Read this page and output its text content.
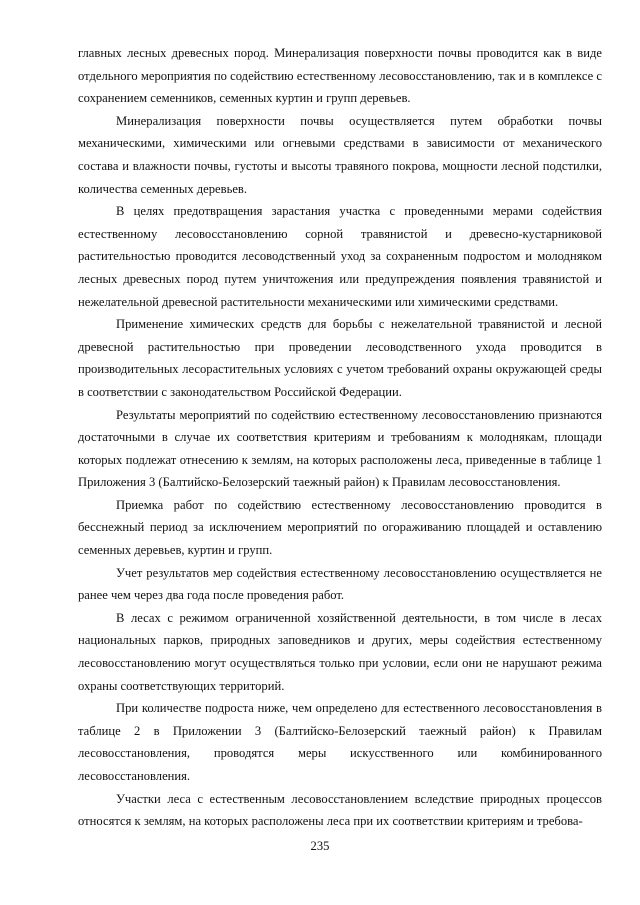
главных лесных древесных пород. Минерализация поверхности почвы проводится как в виде отдельного мероприятия по содействию естественному лесовосстановлению, так и в комплексе с сохранением семенников, семенных куртин и групп деревьев.

Минерализация поверхности почвы осуществляется путем обработки почвы механическими, химическими или огневыми средствами в зависимости от механического состава и влажности почвы, густоты и высоты травяного покрова, мощности лесной подстилки, количества семенных деревьев.

В целях предотвращения зарастания участка с проведенными мерами содействия естественному лесовосстановлению сорной травянистой и древесно-кустарниковой растительностью проводится лесоводственный уход за сохраненным подростом и молодняком лесных древесных пород путем уничтожения или предупреждения появления травянистой и нежелательной древесной растительности механическими или химическими средствами.

Применение химических средств для борьбы с нежелательной травянистой и лесной древесной растительностью при проведении лесоводственного ухода проводится в производительных лесорастительных условиях с учетом требований охраны окружающей среды в соответствии с законодательством Российской Федерации.

Результаты мероприятий по содействию естественному лесовосстановлению признаются достаточными в случае их соответствия критериям и требованиям к молоднякам, площади которых подлежат отнесению к землям, на которых расположены леса, приведенные в таблице 1 Приложения 3 (Балтийско-Белозерский таежный район) к Правилам лесовосстановления.

Приемка работ по содействию естественному лесовосстановлению проводится в бесснежный период за исключением мероприятий по огораживанию площадей и оставлению семенных деревьев, куртин и групп.

Учет результатов мер содействия естественному лесовосстановлению осуществляется не ранее чем через два года после проведения работ.

В лесах с режимом ограниченной хозяйственной деятельности, в том числе в лесах национальных парков, природных заповедников и других, меры содействия естественному лесовосстановлению могут осуществляться только при условии, если они не нарушают режима охраны соответствующих территорий.

При количестве подроста ниже, чем определено для естественного лесовосстановления в таблице 2 в Приложении 3 (Балтийско-Белозерский таежный район) к Правилам лесовосстановления, проводятся меры искусственного или комбинированного лесовосстановления.

Участки леса с естественным лесовосстановлением вследствие природных процессов относятся к землям, на которых расположены леса при их соответствии критериям и требова-

235
